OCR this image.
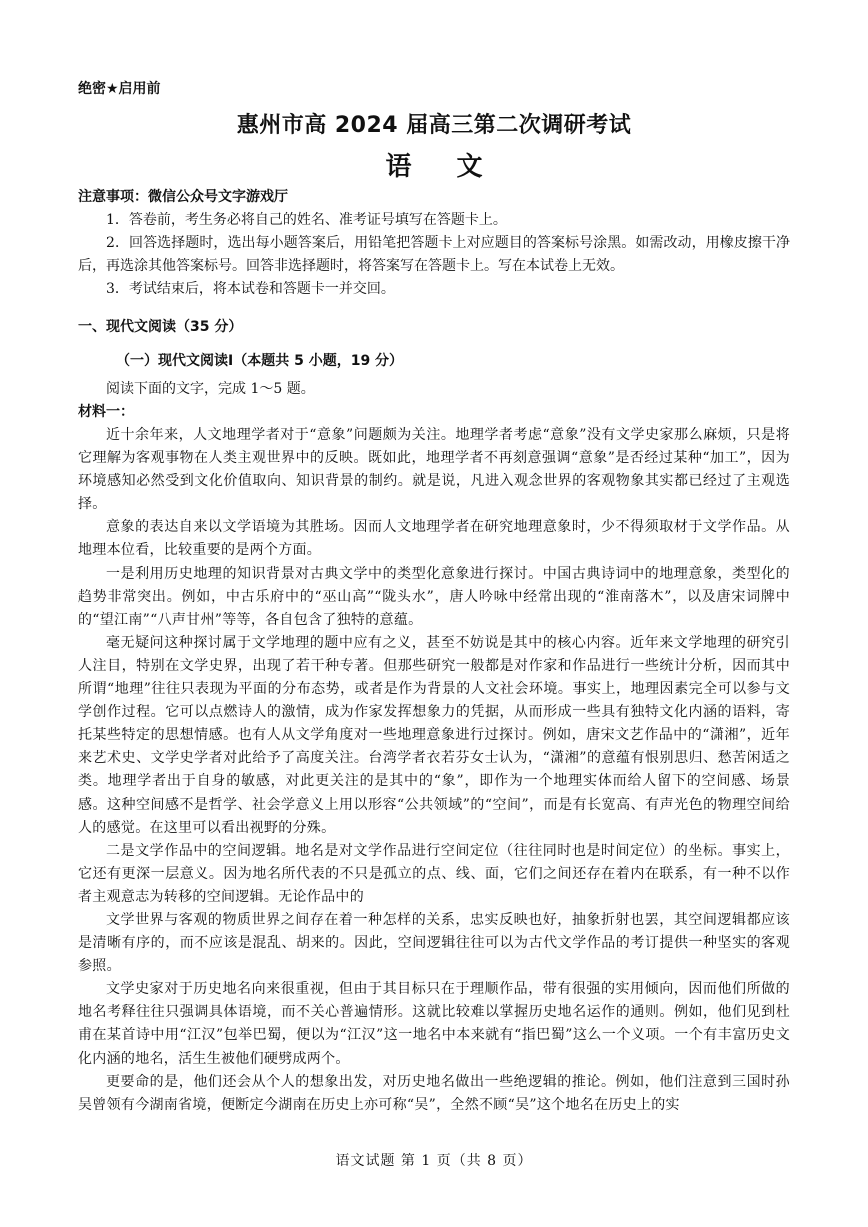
绝密★启用前
惠州市高 2024 届高三第二次调研考试
语 文
注意事项：微信公众号文字游戏厅

1．答卷前，考生务必将自己的姓名、准考证号填写在答题卡上。

2．回答选择题时，选出每小题答案后，用铅笔把答题卡上对应题目的答案标号涂黑。如需改动，用橡皮擦干净后，再选涂其他答案标号。回答非选择题时，将答案写在答题卡上。写在本试卷上无效。

3．考试结束后，将本试卷和答题卡一并交回。

一、现代文阅读（35 分）
（一）现代文阅读Ⅰ（本题共 5 小题，19 分）
阅读下面的文字，完成 1～5 题。
材料一：

近十余年来，人文地理学者对于“意象”问题颇为关注。地理学者考虑“意象”没有文学史家那么麻烦，只是将它理解为客观事物在人类主观世界中的反映。既如此，地理学者不再刻意强调“意象”是否经过某种“加工”，因为环境感知必然受到文化价值取向、知识背景的制约。就是说，凡进入观念世界的客观物象其实都已经过了主观选择。

意象的表达自来以文学语境为其胜场。因而人文地理学者在研究地理意象时，少不得须取材于文学作品。从地理本位看，比较重要的是两个方面。

一是利用历史地理的知识背景对古典文学中的类型化意象进行探讨。中国古典诗词中的地理意象，类型化的趋势非常突出。例如，中古乐府中的“巫山高”“陇头水”，唐人吟咏中经常出现的“淮南落木”，以及唐宋词牌中的“望江南”“八声甘州”等等，各自包含了独特的意蕴。

毫无疑问这种探讨属于文学地理的题中应有之义，甚至不妨说是其中的核心内容。近年来文学地理的研究引人注目，特别在文学史界，出现了若干种专著。但那些研究一般都是对作家和作品进行一些统计分析，因而其中所谓“地理”往往只表现为平面的分布态势，或者是作为背景的人文社会环境。事实上，地理因素完全可以参与文学创作过程。它可以点燃诗人的激情，成为作家发挥想象力的凭据，从而形成一些具有独特文化内涵的语料，寄托某些特定的思想情感。也有人从文学角度对一些地理意象进行过探讨。例如，唐宋文艺作品中的“潇湘”，近年来艺术史、文学史学者对此给予了高度关注。台湾学者衣若芬女士认为，“潇湘”的意蕴有恨别思归、愁苦闲适之类。地理学者出于自身的敏感，对此更关注的是其中的“象”，即作为一个地理实体而给人留下的空间感、场景感。这种空间感不是哲学、社会学意义上用以形容“公共领域”的“空间”，而是有长宽高、有声光色的物理空间给人的感觉。在这里可以看出视野的分殊。

二是文学作品中的空间逻辑。地名是对文学作品进行空间定位（往往同时也是时间定位）的坐标。事实上，它还有更深一层意义。因为地名所代表的不只是孤立的点、线、面，它们之间还存在着内在联系，有一种不以作者主观意志为转移的空间逻辑。无论作品中的

文学世界与客观的物质世界之间存在着一种怎样的关系，忠实反映也好，抽象折射也罢，其空间逻辑都应该是清晰有序的，而不应该是混乱、胡来的。因此，空间逻辑往往可以为古代文学作品的考订提供一种坚实的客观参照。

文学史家对于历史地名向来很重视，但由于其目标只在于理顺作品，带有很强的实用倾向，因而他们所做的地名考释往往只强调具体语境，而不关心普遍情形。这就比较难以掌握历史地名运作的通则。例如，他们见到杜甫在某首诗中用“江汉”包举巴蜀，便以为“江汉”这一地名中本来就有“指巴蜀”这么一个义项。一个有丰富历史文化内涵的地名，活生生被他们硬劈成两个。

更要命的是，他们还会从个人的想象出发，对历史地名做出一些绝逻辑的推论。例如，他们注意到三国时孙吴曾领有今湖南省境，便断定今湖南在历史上亦可称“吴”，全然不顾“吴”这个地名在历史上的实

语文试题 第 1 页（共 8 页）
